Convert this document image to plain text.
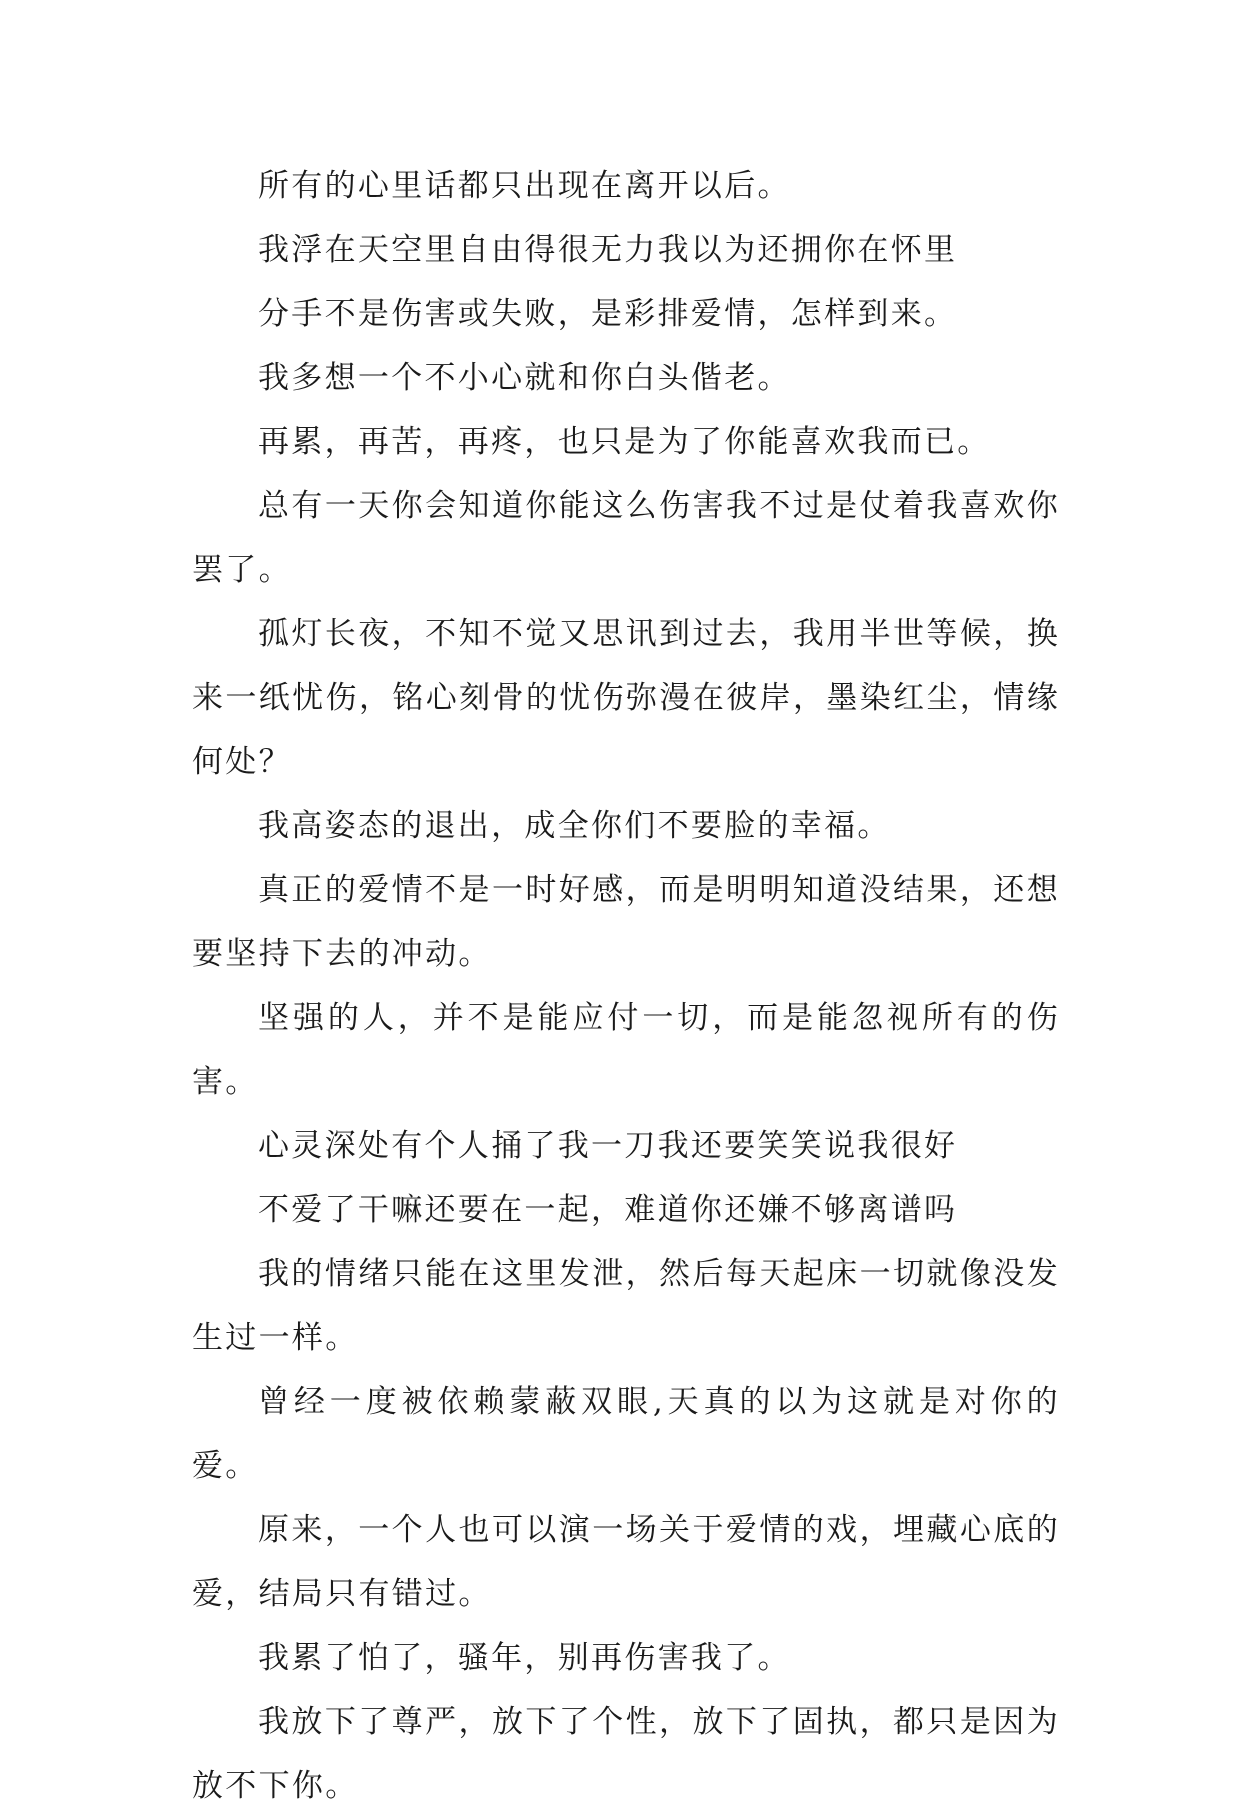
所有的心里话都只出现在离开以后。

我浮在天空里自由得很无力我以为还拥你在怀里

分手不是伤害或失败，是彩排爱情，怎样到来。

我多想一个不小心就和你白头偕老。

再累，再苦，再疼，也只是为了你能喜欢我而已。

总有一天你会知道你能这么伤害我不过是仗着我喜欢你罢了。

孤灯长夜，不知不觉又思讯到过去，我用半世等候，换来一纸忧伤，铭心刻骨的忧伤弥漫在彼岸，墨染红尘，情缘何处？

我高姿态的退出，成全你们不要脸的幸福。

真正的爱情不是一时好感，而是明明知道没结果，还想要坚持下去的冲动。

坚强的人，并不是能应付一切，而是能忽视所有的伤害。

心灵深处有个人捅了我一刀我还要笑笑说我很好

不爱了干嘛还要在一起，难道你还嫌不够离谱吗

我的情绪只能在这里发泄，然后每天起床一切就像没发生过一样。

曾经一度被依赖蒙蔽双眼,天真的以为这就是对你的爱。

原来，一个人也可以演一场关于爱情的戏，埋藏心底的爱，结局只有错过。

我累了怕了，骚年，别再伤害我了。

我放下了尊严，放下了个性，放下了固执，都只是因为放不下你。
